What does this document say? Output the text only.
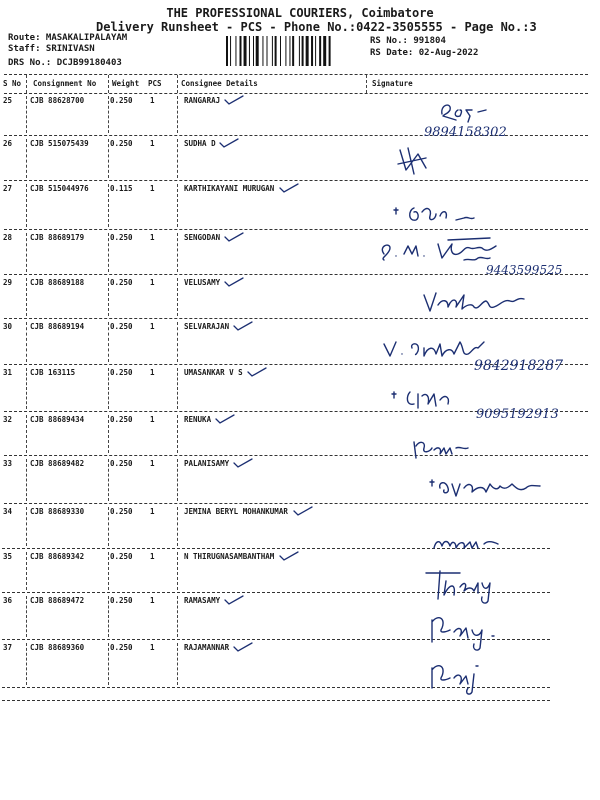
THE PROFESSIONAL COURIERS, Coimbatore
Delivery Runsheet - PCS - Phone No.:0422-3505555 - Page No.:3
Route: MASAKALIPALAYAM
Staff: SRINIVASN
DRS No.: DCJB99180403
RS No.: 991804
RS Date: 02-Aug-2022
S No Consignment No Weight PCS	Consignee Details	Signature
25 CJB 88628700	0.250 1	RANGARAJ
26 CJB 515075439	0.250 1	SUDHA D
27 CJB 515044976	0.115 1	KARTHIKAYANI MURUGAN
28 CJB 88689179	0.250 1	SENGODAN
29 CJB 88689188	0.250 1	VELUSAMY
30 CJB 88689194	0.250 1	SELVARAJAN
31 CJB 163115	0.250 1	UMASANKAR V S
32 CJB 88689434	0.250 1	RENUKA
33 CJB 88689482	0.250 1	PALANISAMY
34 CJB 88689330	0.250 1	JEMINA BERYL MOHANKUMAR
35 CJB 88689342	0.250 1	N THIRUGNASAMBANTHAM
36 CJB 88689472	0.250 1	RAMASAMY
37 CJB 88689360	0.250 1	RAJAMANNAR
9894158302
9443599525
9842918287
9095192913
